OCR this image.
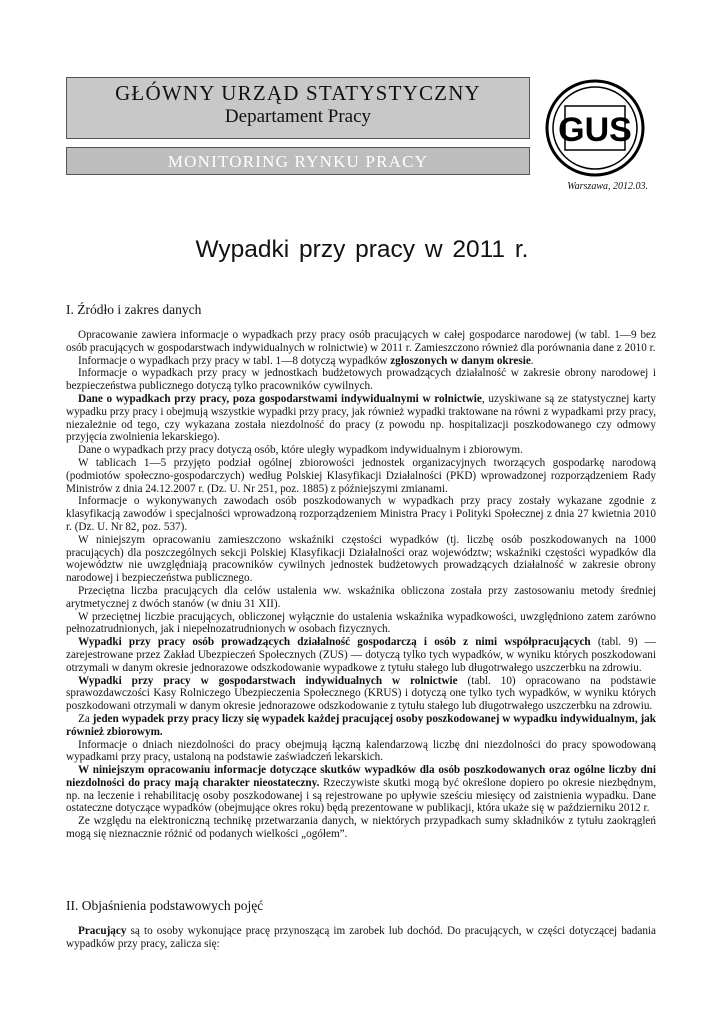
GŁÓWNY URZĄD STATYSTYCZNY
Departament Pracy
MONITORING RYNKU PRACY
GUS
Warszawa, 2012.03.
Wypadki przy pracy w 2011 r.
I. Źródło i zakres danych

Opracowanie zawiera informacje o wypadkach przy pracy osób pracujących w całej gospodarce narodowej (w tabl. 1—9 bez osób pracujących w gospodarstwach indywidualnych w rolnictwie) w 2011 r. Zamieszczono również dla porównania dane z 2010 r.

Informacje o wypadkach przy pracy w tabl. 1—8 dotyczą wypadków zgłoszonych w danym okresie.

Informacje o wypadkach przy pracy w jednostkach budżetowych prowadzących działalność w zakresie obrony narodowej i bezpieczeństwa publicznego dotyczą tylko pracowników cywilnych.

Dane o wypadkach przy pracy, poza gospodarstwami indywidualnymi w rolnictwie, uzyskiwane są ze statystycznej karty wypadku przy pracy i obejmują wszystkie wypadki przy pracy, jak również wypadki traktowane na równi z wypadkami przy pracy, niezależnie od tego, czy wykazana została niezdolność do pracy (z powodu np. hospitalizacji poszkodowanego czy odmowy przyjęcia zwolnienia lekarskiego).

Dane o wypadkach przy pracy dotyczą osób, które uległy wypadkom indywidualnym i zbiorowym.

W tablicach 1—5 przyjęto podział ogólnej zbiorowości jednostek organizacyjnych tworzących gospodarkę narodową (podmiotów społeczno-gospodarczych) według Polskiej Klasyfikacji Działalności (PKD) wprowadzonej rozporządzeniem Rady Ministrów z dnia 24.12.2007 r. (Dz. U. Nr 251, poz. 1885) z późniejszymi zmianami.

Informacje o wykonywanych zawodach osób poszkodowanych w wypadkach przy pracy zostały wykazane zgodnie z klasyfikacją zawodów i specjalności wprowadzoną rozporządzeniem Ministra Pracy i Polityki Społecznej z dnia 27 kwietnia 2010 r. (Dz. U. Nr 82, poz. 537).

W niniejszym opracowaniu zamieszczono wskaźniki częstości wypadków (tj. liczbę osób poszkodowanych na 1000 pracujących) dla poszczególnych sekcji Polskiej Klasyfikacji Działalności oraz województw; wskaźniki częstości wypadków dla województw nie uwzględniają pracowników cywilnych jednostek budżetowych prowadzących działalność w zakresie obrony narodowej i bezpieczeństwa publicznego.

Przeciętna liczba pracujących dla celów ustalenia ww. wskaźnika obliczona została przy zastosowaniu metody średniej arytmetycznej z dwóch stanów (w dniu 31 XII).

W przeciętnej liczbie pracujących, obliczonej wyłącznie do ustalenia wskaźnika wypadkowości, uwzględniono zatem zarówno pełnozatrudnionych, jak i niepełnozatrudnionych w osobach fizycznych.

Wypadki przy pracy osób prowadzących działalność gospodarczą i osób z nimi współpracujących (tabl. 9) — zarejestrowane przez Zakład Ubezpieczeń Społecznych (ZUS) — dotyczą tylko tych wypadków, w wyniku których poszkodowani otrzymali w danym okresie jednorazowe odszkodowanie wypadkowe z tytułu stałego lub długotrwałego uszczerbku na zdrowiu.

Wypadki przy pracy w gospodarstwach indywidualnych w rolnictwie (tabl. 10) opracowano na podstawie sprawozdawczości Kasy Rolniczego Ubezpieczenia Społecznego (KRUS) i dotyczą one tylko tych wypadków, w wyniku których poszkodowani otrzymali w danym okresie jednorazowe odszkodowanie z tytułu stałego lub długotrwałego uszczerbku na zdrowiu.

Za jeden wypadek przy pracy liczy się wypadek każdej pracującej osoby poszkodowanej w wypadku indywidualnym, jak również zbiorowym.

Informacje o dniach niezdolności do pracy obejmują łączną kalendarzową liczbę dni niezdolności do pracy spowodowaną wypadkami przy pracy, ustaloną na podstawie zaświadczeń lekarskich.

W niniejszym opracowaniu informacje dotyczące skutków wypadków dla osób poszkodowanych oraz ogólne liczby dni niezdolności do pracy mają charakter nieostateczny. Rzeczywiste skutki mogą być określone dopiero po okresie niezbędnym, np. na leczenie i rehabilitację osoby poszkodowanej i są rejestrowane po upływie sześciu miesięcy od zaistnienia wypadku. Dane ostateczne dotyczące wypadków (obejmujące okres roku) będą prezentowane w publikacji, która ukaże się w październiku 2012 r.

Ze względu na elektroniczną technikę przetwarzania danych, w niektórych przypadkach sumy składników z tytułu zaokrągleń mogą się nieznacznie różnić od podanych wielkości „ogółem”.

II. Objaśnienia podstawowych pojęć

Pracujący są to osoby wykonujące pracę przynoszącą im zarobek lub dochód. Do pracujących, w części dotyczącej badania wypadków przy pracy, zalicza się:
